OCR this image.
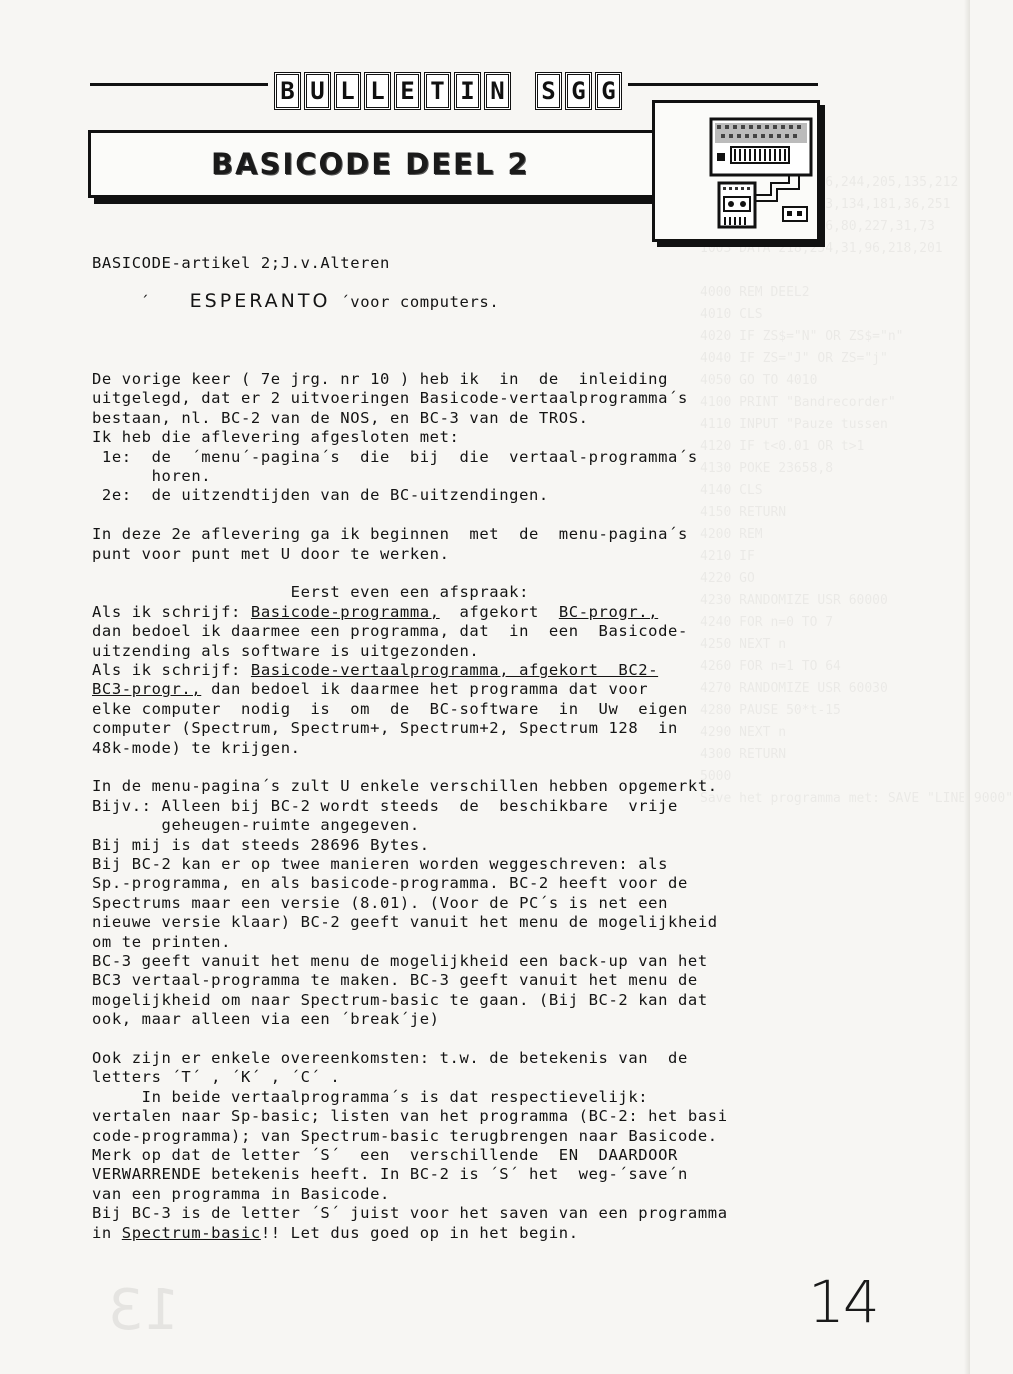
205,116,244,205,135,212
25,6,43,134,181,36,251
8,3,126,80,227,31,73
1003 DATA 218,254,31,96,218,201

4000 REM DEEL2
4010 CLS
4020 IF ZS$="N" OR ZS$="n"
4040 IF ZS="J" OR ZS="j"
4050 GO TO 4010
4100 PRINT "Bandrecorder"
4110 INPUT "Pauze tussen
4120 IF t<0.01 OR t>1
4130 POKE 23658,8
4140 CLS
4150 RETURN
4200 REM
4210 IF
4220 GO
4230 RANDOMIZE USR 60000
4240 FOR n=0 TO 7
4250 NEXT n
4260 FOR n=1 TO 64
4270 RANDOMIZE USR 60030
4280 PAUSE 50*t-15
4290 NEXT n
4300 RETURN
5000
Save het programma met: SAVE "LINE 9000"

B U L L E T I N S G G
BASICODE DEEL 2
BASICODE-artikel 2;J.v.Alteren
´ ESPERANTO ´voor computers.
De vorige keer ( 7e jrg. nr 10 ) heb ik  in  de  inleiding
uitgelegd, dat er 2 uitvoeringen Basicode-vertaalprogramma´s
bestaan, nl. BC-2 van de NOS, en BC-3 van de TROS.
Ik heb die aflevering afgesloten met:
1e:  de  ´menu´-pagina´s  die  bij  die  vertaal-programma´s
horen.
2e:  de uitzendtijden van de BC-uitzendingen.
In deze 2e aflevering ga ik beginnen  met  de  menu-pagina´s
punt voor punt met U door te werken.
Eerst even een afspraak:
Als ik schrijf: Basicode-programma,  afgekort  BC-progr.,
dan bedoel ik daarmee een programma, dat  in  een  Basicode-
uitzending als software is uitgezonden.
Als ik schrijf: Basicode-vertaalprogramma, afgekort  BC2-
BC3-progr., dan bedoel ik daarmee het programma dat voor
elke computer  nodig  is  om  de  BC-software  in  Uw  eigen
computer (Spectrum, Spectrum+, Spectrum+2, Spectrum 128  in
48k-mode) te krijgen.
In de menu-pagina´s zult U enkele verschillen hebben opgemerkt.
Bijv.: Alleen bij BC-2 wordt steeds  de  beschikbare  vrije
geheugen-ruimte angegeven.
Bij mij is dat steeds 28696 Bytes.
Bij BC-2 kan er op twee manieren worden weggeschreven: als
Sp.-programma, en als basicode-programma. BC-2 heeft voor de
Spectrums maar een versie (8.01). (Voor de PC´s is net een
nieuwe versie klaar) BC-2 geeft vanuit het menu de mogelijkheid
om te printen.
BC-3 geeft vanuit het menu de mogelijkheid een back-up van het
BC3 vertaal-programma te maken. BC-3 geeft vanuit het menu de
mogelijkheid om naar Spectrum-basic te gaan. (Bij BC-2 kan dat
ook, maar alleen via een ´break´je)
Ook zijn er enkele overeenkomsten: t.w. de betekenis van  de
letters ´T´ , ´K´ , ´C´ .
In beide vertaalprogramma´s is dat respectievelijk:
vertalen naar Sp-basic; listen van het programma (BC-2: het basi
code-programma); van Spectrum-basic terugbrengen naar Basicode.
Merk op dat de letter ´S´  een  verschillende  EN  DAARDOOR
VERWARRENDE betekenis heeft. In BC-2 is ´S´ het  weg-´save´n
van een programma in Basicode.
Bij BC-3 is de letter ´S´ juist voor het saven van een programma
in Spectrum-basic!! Let dus goed op in het begin.
13	14
